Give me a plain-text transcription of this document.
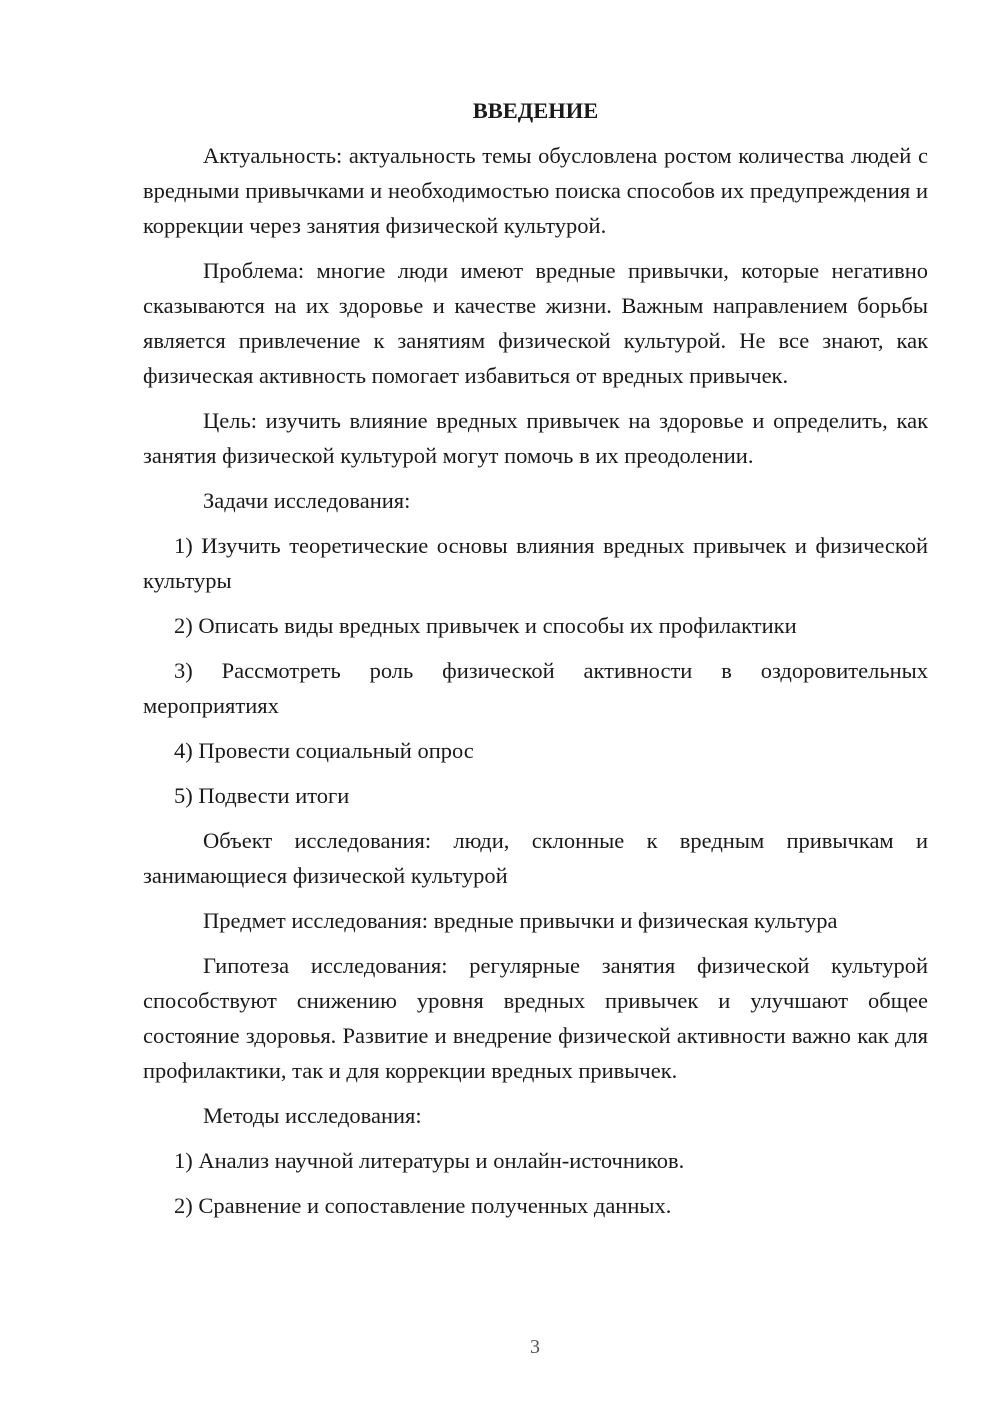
ВВЕДЕНИЕ

Актуальность: актуальность темы обусловлена ростом количества людей с вредными привычками и необходимостью поиска способов их предупреждения и коррекции через занятия физической культурой.

Проблема: многие люди имеют вредные привычки, которые негативно сказываются на их здоровье и качестве жизни. Важным направлением борьбы является привлечение к занятиям физической культурой. Не все знают, как физическая активность помогает избавиться от вредных привычек.

Цель: изучить влияние вредных привычек на здоровье и определить, как занятия физической культурой могут помочь в их преодолении.

Задачи исследования:

1) Изучить теоретические основы влияния вредных привычек и физической культуры

2) Описать виды вредных привычек и способы их профилактики

3) Рассмотреть роль физической активности в оздоровительных мероприятиях

4) Провести социальный опрос

5) Подвести итоги

Объект исследования: люди, склонные к вредным привычкам и занимающиеся физической культурой

Предмет исследования: вредные привычки и физическая культура

Гипотеза исследования: регулярные занятия физической культурой способствуют снижению уровня вредных привычек и улучшают общее состояние здоровья. Развитие и внедрение физической активности важно как для профилактики, так и для коррекции вредных привычек.

Методы исследования:

1) Анализ научной литературы и онлайн-источников.

2) Сравнение и сопоставление полученных данных.

3
